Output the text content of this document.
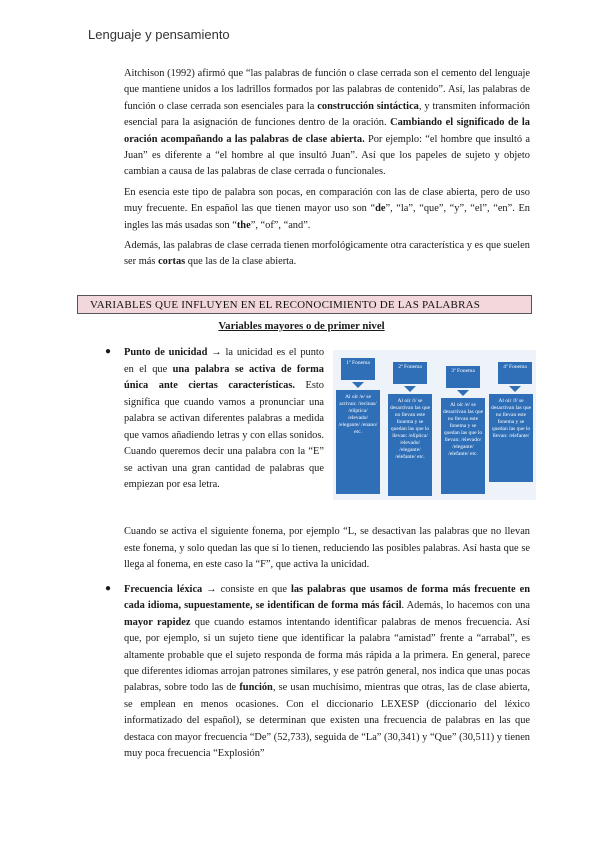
Lenguaje y pensamiento

Aitchison (1992) afirmó que “las palabras de función o clase cerrada son el cemento del lenguaje que mantiene unidos a los ladrillos formados por las palabras de contenido”. Así, las palabras de función o clase cerrada son esenciales para la construcción sintáctica, y transmiten información esencial para la asignación de funciones dentro de la oración. Cambiando el significado de la oración acompañando a las palabras de clase abierta. Por ejemplo: “el hombre que insultó a Juan” es diferente a “el hombre al que insultó Juan”. Así que los papeles de sujeto y objeto cambian a causa de las palabras de clase cerrada o funcionales.

En esencia este tipo de palabra son pocas, en comparación con las de clase abierta, pero de uso muy frecuente. En español las que tienen mayor uso son “de”, “la”, “que”, “y”, “el”, “en”. En ingles las más usadas son “the”, “of”, “and”.

Además, las palabras de clase cerrada tienen morfológicamente otra característica y es que suelen ser más cortas que las de la clase abierta.

VARIABLES QUE INFLUYEN EN EL RECONOCIMIENTO DE LAS PALABRAS
Variables mayores o de primer nivel
● Punto de unicidad → la unicidad es el punto en el que una palabra se activa de forma única ante ciertas características. Esto significa que cuando vamos a pronunciar una palabra se activan diferentes palabras a medida que vamos añadiendo letras y con ellas sonidos. Cuando queremos decir una palabra con la “E” se activan una gran cantidad de palabras que empiezan por esa letra.
1º Fonema
2º Fonema
3º Fonema
4º Fonema
Al oír /e/ se activan: /recinas/ /elíptica/ /elevado/ /elegante/ /enano/ etc.
Al oír /l/ se desactivan las que no llevan este fonema y se quedan las que lo llevan: /elíptica/ /elevado/ /elegante/ /elefante/ etc.
Al oír /e/ se desactivan las que no llevan este fonema y se quedan las que lo llevan: /elevado/ /elegante/ /elefante/ etc.
Al oír /f/ se desactivan las que no llevan este fonema y se quedan las que lo llevan: /elefante/
Cuando se activa el siguiente fonema, por ejemplo “L, se desactivan las palabras que no llevan este fonema, y solo quedan las que sí lo tienen, reduciendo las posibles palabras. Así hasta que se llega al fonema, en este caso la “F”, que activa la unicidad.
● Frecuencia léxica → consiste en que las palabras que usamos de forma más frecuente en cada idioma, supuestamente, se identifican de forma más fácil. Además, lo hacemos con una mayor rapidez que cuando estamos intentando identificar palabras de menos frecuencia. Así que, por ejemplo, si un sujeto tiene que identificar la palabra “amistad” frente a “arrabal”, es altamente probable que el sujeto responda de forma más rápida a la primera. En general, parece que diferentes idiomas arrojan patrones similares, y ese patrón general, nos indica que unas pocas palabras, sobre todo las de función, se usan muchísimo, mientras que otras, las de clase abierta, se emplean en menos ocasiones. Con el diccionario LEXESP (diccionario del léxico informatizado del español), se determinan que existen una frecuencia de palabras en las que destaca con mayor frecuencia “De” (52,733), seguida de “La” (30,341) y “Que” (30,511) y tienen muy poca frecuencia “Explosión”
